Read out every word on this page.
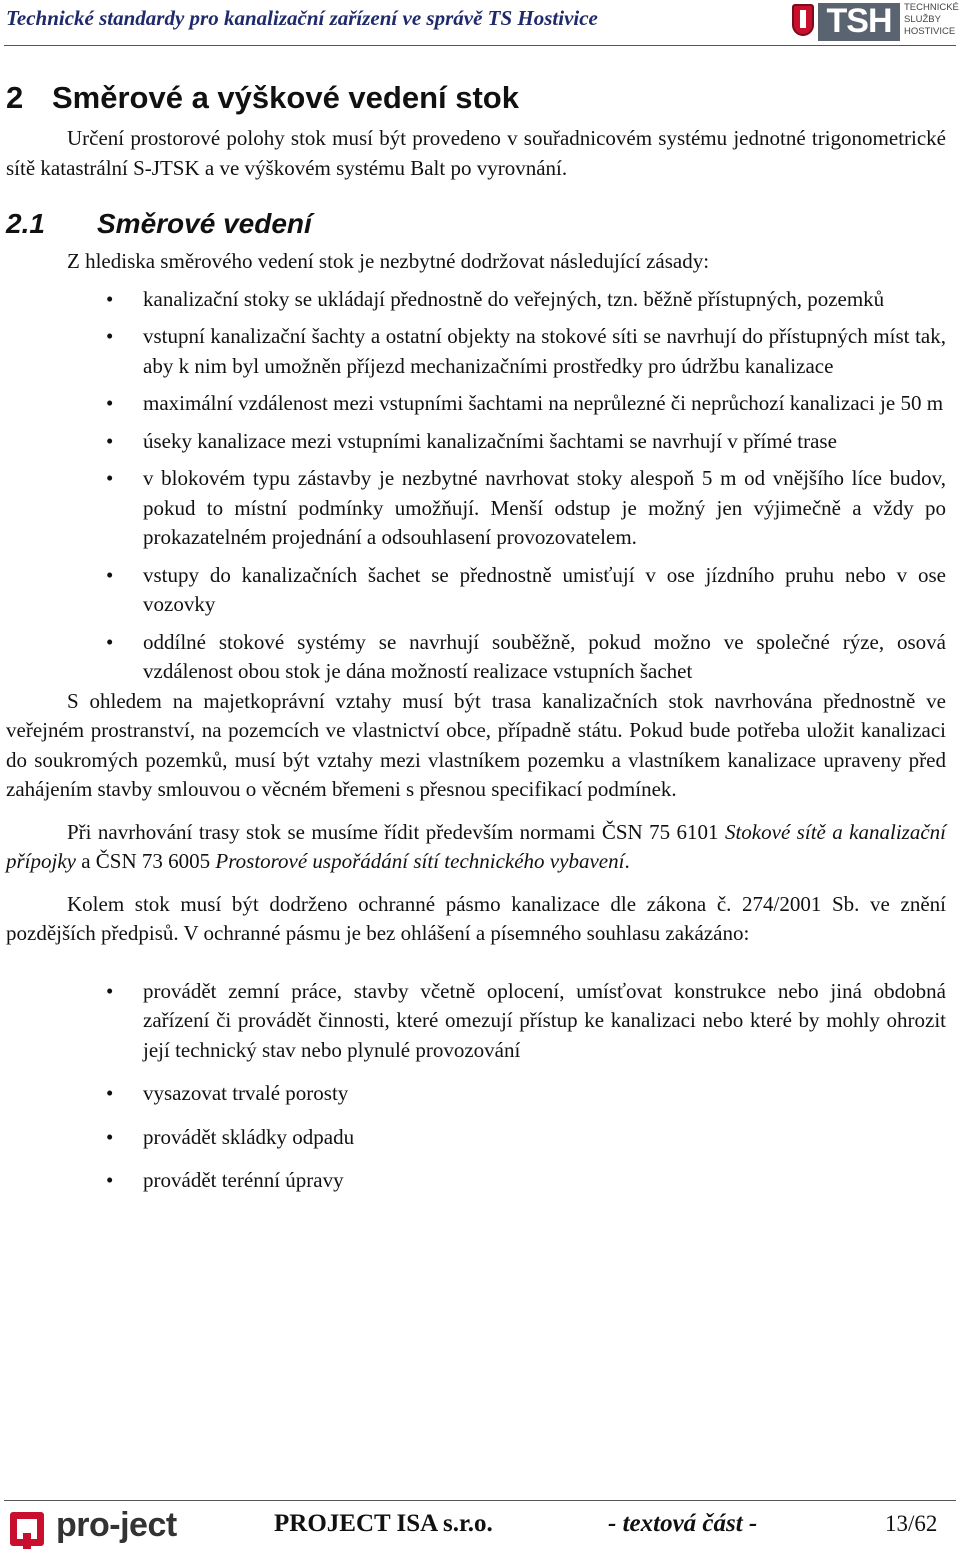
Technické standardy pro kanalizační zařízení ve správě TS Hostivice	TSH	TECHNICKÉ
SLUŽBY
HOSTIVICE
2 Směrové a výškové vedení stok

Určení prostorové polohy stok musí být provedeno v souřadnicovém systému jednotné trigonometrické sítě katastrální S-JTSK a ve výškovém systému Balt po vyrovnání.

2.1 Směrové vedení

Z hlediska směrového vedení stok je nezbytné dodržovat následující zásady:

• kanalizační stoky se ukládají přednostně do veřejných, tzn. běžně přístupných, pozemků
• vstupní kanalizační šachty a ostatní objekty na stokové síti se navrhují do přístupných míst tak, aby k nim byl umožněn příjezd mechanizačními prostředky pro údržbu kanalizace
• maximální vzdálenost mezi vstupními šachtami na neprůlezné či neprůchozí kanalizaci je 50 m
• úseky kanalizace mezi vstupními kanalizačními šachtami se navrhují v přímé trase
• v blokovém typu zástavby je nezbytné navrhovat stoky alespoň 5 m od vnějšího líce budov, pokud to místní podmínky umožňují. Menší odstup je možný jen výjimečně a vždy po prokazatelném projednání a odsouhlasení provozovatelem.
• vstupy do kanalizačních šachet se přednostně umisťují v ose jízdního pruhu nebo v ose vozovky
• oddílné stokové systémy se navrhují souběžně, pokud možno ve společné rýze, osová vzdálenost obou stok je dána možností realizace vstupních šachet

S ohledem na majetkoprávní vztahy musí být trasa kanalizačních stok navrhována přednostně ve veřejném prostranství, na pozemcích ve vlastnictví obce, případně státu. Pokud bude potřeba uložit kanalizaci do soukromých pozemků, musí být vztahy mezi vlastníkem pozemku a vlastníkem kanalizace upraveny před zahájením stavby smlouvou o věcném břemeni s přesnou specifikací podmínek.

Při navrhování trasy stok se musíme řídit především normami ČSN 75 6101 Stokové sítě a kanalizační přípojky a ČSN 73 6005 Prostorové uspořádání sítí technického vybavení.

Kolem stok musí být dodrženo ochranné pásmo kanalizace dle zákona č. 274/2001 Sb. ve znění pozdějších předpisů. V ochranné pásmu je bez ohlášení a písemného souhlasu zakázáno:

• provádět zemní práce, stavby včetně oplocení, umísťovat konstrukce nebo jiná obdobná zařízení či provádět činnosti, které omezují přístup ke kanalizaci nebo které by mohly ohrozit její technický stav nebo plynulé provozování
• vysazovat trvalé porosty
• provádět skládky odpadu
• provádět terénní úpravy
pro-ject	PROJECT ISA s.r.o.	- textová část -	13/62
